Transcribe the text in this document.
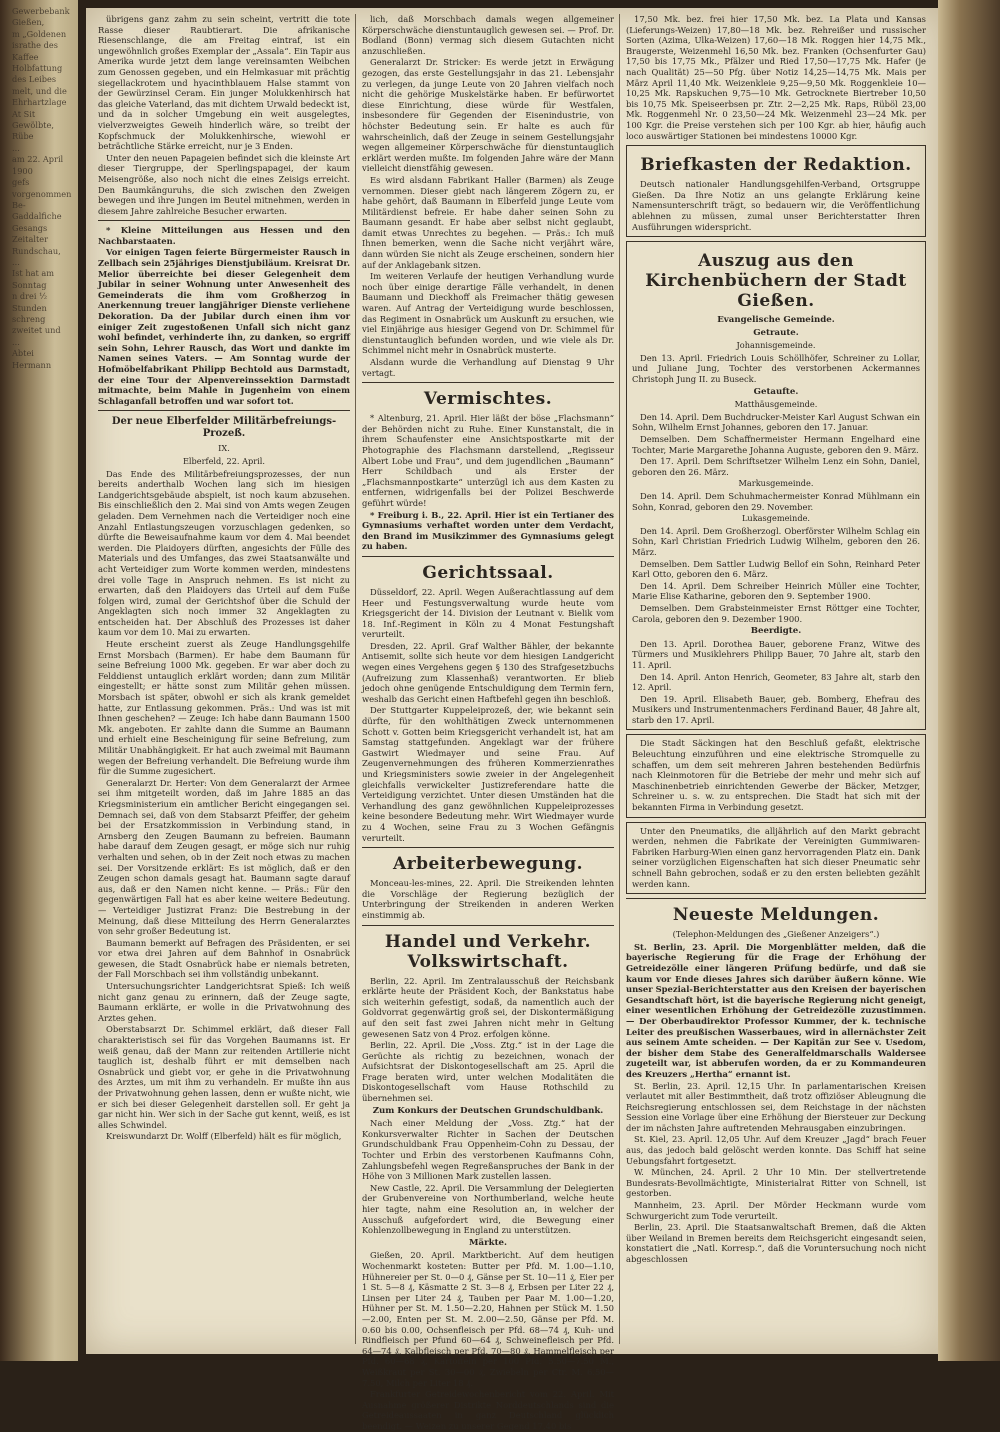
Gewerbebank Gießen,
m „Goldenen
israthe des Kaffee
Holbfattung des Leibes
melt, und die Ehrhartzlage
At Sit Gewölbte, Rübe
...
am 22. April 1900
gefs vorgenommen Be-
Gaddalfiche Gesangs
Zeitalter Rundschau,
...
Ist hat am Sonntag
n drei ½ Stunden
schreng zweitet und
...
Abtei Hermann

übrigens ganz zahm zu sein scheint, vertritt die tote Rasse dieser Raubtierart. Die afrikanische Riesenschlange, die am Freitag eintraf, ist ein ungewöhnlich großes Exemplar der „Assala“. Ein Tapir aus Amerika wurde jetzt dem lange vereinsamten Weibchen zum Genossen gegeben, und ein Helmkasuar mit prächtig siegellackrotem und hyacinthblauem Halse stammt von der Gewürzinsel Ceram. Ein junger Molukkenhirsch hat das gleiche Vaterland, das mit dichtem Urwald bedeckt ist, und da in solcher Umgebung ein weit ausgelegtes, vielverzweigtes Geweih hinderlich wäre, so treibt der Kopfschmuck der Molukkenhirsche, wiewohl er beträchtliche Stärke erreicht, nur je 3 Enden.

Unter den neuen Papageien befindet sich die kleinste Art dieser Tiergruppe, der Sperlingspapagei, der kaum Meisengröße, also noch nicht die eines Zeisigs erreicht. Den Baumkänguruhs, die sich zwischen den Zweigen bewegen und ihre Jungen im Beutel mitnehmen, werden in diesem Jahre zahlreiche Besucher erwarten.

* Kleine Mitteilungen aus Hessen und den Nachbarstaaten.

Vor einigen Tagen feierte Bürgermeister Rausch in Zellbach sein 25jähriges Dienstjubiläum. Kreisrat Dr. Melior überreichte bei dieser Gelegenheit dem Jubilar in seiner Wohnung unter Anwesenheit des Gemeinderats die ihm vom Großherzog in Anerkennung treuer langjähriger Dienste verliehene Dekoration. Da der Jubilar durch einen ihm vor einiger Zeit zugestoßenen Unfall sich nicht ganz wohl befindet, verhinderte ihn, zu danken, so ergriff sein Sohn, Lehrer Rausch, das Wort und dankte im Namen seines Vaters. — Am Sonntag wurde der Hofmöbelfabrikant Philipp Bechtold aus Darmstadt, der eine Tour der Alpenvereinssektion Darmstadt mitmachte, beim Mahle in Jugenheim von einem Schlaganfall betroffen und war sofort tot.

Der neue Elberfelder Militärbefreiungs-Prozeß.
IX.
Elberfeld, 22. April.

Das Ende des Militärbefreiungsprozesses, der nun bereits anderthalb Wochen lang sich im hiesigen Landgerichtsgebäude abspielt, ist noch kaum abzusehen. Bis einschließlich den 2. Mai sind von Amts wegen Zeugen geladen. Dem Vernehmen nach die Verteidiger noch eine Anzahl Entlastungszeugen vorzuschlagen gedenken, so dürfte die Beweisaufnahme kaum vor dem 4. Mai beendet werden. Die Plaidoyers dürften, angesichts der Fülle des Materials und des Umfanges, das zwei Staatsanwälte und acht Verteidiger zum Worte kommen werden, mindestens drei volle Tage in Anspruch nehmen. Es ist nicht zu erwarten, daß den Plaidoyers das Urteil auf dem Fuße folgen wird, zumal der Gerichtshof über die Schuld der Angeklagten sich noch immer 32 Angeklagten zu entscheiden hat. Der Abschluß des Prozesses ist daher kaum vor dem 10. Mai zu erwarten.

Heute erscheint zuerst als Zeuge Handlungsgehilfe Ernst Morsbach (Barmen). Er habe dem Baumann für seine Befreiung 1000 Mk. gegeben. Er war aber doch zu Felddienst untauglich erklärt worden; dann zum Militär eingestellt; er hätte sonst zum Militär gehen müssen. Morsbach ist später, obwohl er sich als krank gemeldet hatte, zur Entlassung gekommen. Präs.: Und was ist mit Ihnen geschehen? — Zeuge: Ich habe dann Baumann 1500 Mk. angeboten. Er zahlte dann die Summe an Baumann und erhielt eine Bescheinigung für seine Befreiung, zum Militär Unabhängigkeit. Er hat auch zweimal mit Baumann wegen der Befreiung verhandelt. Die Befreiung wurde ihm für die Summe zugesichert.

Generalarzt Dr. Herter: Von dem Generalarzt der Armee sei ihm mitgeteilt worden, daß im Jahre 1885 an das Kriegsministerium ein amtlicher Bericht eingegangen sei. Demnach sei, daß von dem Stabsarzt Pfeiffer, der geheim bei der Ersatzkommission in Verbindung stand, in Arnsberg den Zeugen Baumann zu befreien. Baumann habe darauf dem Zeugen gesagt, er möge sich nur ruhig verhalten und sehen, ob in der Zeit noch etwas zu machen sei. Der Vorsitzende erklärt: Es ist möglich, daß er den Zeugen schon damals gesagt hat. Baumann sagte darauf aus, daß er den Namen nicht kenne. — Präs.: Für den gegenwärtigen Fall hat es aber keine weitere Bedeutung. — Verteidiger Justizrat Franz: Die Bestrebung in der Meinung, daß diese Mitteilung des Herrn Generalarztes von sehr großer Bedeutung ist.

Baumann bemerkt auf Befragen des Präsidenten, er sei vor etwa drei Jahren auf dem Bahnhof in Osnabrück gewesen, die Stadt Osnabrück habe er niemals betreten, der Fall Morschbach sei ihm vollständig unbekannt.

Untersuchungsrichter Landgerichtsrat Spieß: Ich weiß nicht ganz genau zu erinnern, daß der Zeuge sagte, Baumann erklärte, er wolle in die Privatwohnung des Arztes gehen.

Oberstabsarzt Dr. Schimmel erklärt, daß dieser Fall charakteristisch sei für das Vorgehen Baumanns ist. Er weiß genau, daß der Mann zur reitenden Artillerie nicht tauglich ist, deshalb führt er mit demselben nach Osnabrück und giebt vor, er gehe in die Privatwohnung des Arztes, um mit ihm zu verhandeln. Er mußte ihn aus der Privatwohnung gehen lassen, denn er wußte nicht, wie er sich bei dieser Gelegenheit darstellen soll. Er geht ja gar nicht hin. Wer sich in der Sache gut kennt, weiß, es ist alles Schwindel.

Kreiswundarzt Dr. Wolff (Elberfeld) hält es für möglich,

lich, daß Morschbach damals wegen allgemeiner Körperschwäche dienstuntauglich gewesen sei. — Prof. Dr. Bodland (Bonn) vermag sich diesem Gutachten nicht anzuschließen.

Generalarzt Dr. Stricker: Es werde jetzt in Erwägung gezogen, das erste Gestellungsjahr in das 21. Lebensjahr zu verlegen, da junge Leute von 20 Jahren vielfach noch nicht die gehörige Muskelstärke haben. Er befürwortet diese Einrichtung, diese würde für Westfalen, insbesondere für Gegenden der Eisenindustrie, von höchster Bedeutung sein. Er halte es auch für wahrscheinlich, daß der Zeuge in seinem Gestellungsjahr wegen allgemeiner Körperschwäche für dienstuntauglich erklärt werden mußte. Im folgenden Jahre wäre der Mann vielleicht dienstfähig gewesen.

Es wird alsdann Fabrikant Haller (Barmen) als Zeuge vernommen. Dieser giebt nach längerem Zögern zu, er habe gehört, daß Baumann in Elberfeld junge Leute vom Militärdienst befreie. Er habe daher seinen Sohn zu Baumann gesandt. Er habe aber selbst nicht geglaubt, damit etwas Unrechtes zu begehen. — Präs.: Ich muß Ihnen bemerken, wenn die Sache nicht verjährt wäre, dann würden Sie nicht als Zeuge erscheinen, sondern hier auf der Anklagebank sitzen.

Im weiteren Verlaufe der heutigen Verhandlung wurde noch über einige derartige Fälle verhandelt, in denen Baumann und Dieckhoff als Freimacher thätig gewesen waren. Auf Antrag der Verteidigung wurde beschlossen, das Regiment in Osnabrück um Auskunft zu ersuchen, wie viel Einjährige aus hiesiger Gegend von Dr. Schimmel für dienstuntauglich befunden worden, und wie viele als Dr. Schimmel nicht mehr in Osnabrück musterte.

Alsdann wurde die Verhandlung auf Dienstag 9 Uhr vertagt.

Vermischtes.

* Altenburg, 21. April. Hier läßt der böse „Flachsmann“ der Behörden nicht zu Ruhe. Einer Kunstanstalt, die in ihrem Schaufenster eine Ansichtspostkarte mit der Photographie des Flachsmann darstellend, „Regisseur Albert Lobe und Frau“, und dem jugendlichen „Baumann“ Herr Schildbach und als Erster der „Flachsmannpostkarte“ unterzügl ich aus dem Kasten zu entfernen, widrigenfalls bei der Polizei Beschwerde geführt würde!

* Freiburg i. B., 22. April. Hier ist ein Tertianer des Gymnasiums verhaftet worden unter dem Verdacht, den Brand im Musikzimmer des Gymnasiums gelegt zu haben.

Gerichtssaal.

Düsseldorf, 22. April. Wegen Außerachtlassung auf dem Heer und Festungsverwaltung wurde heute vom Kriegsgericht der 14. Division der Leutnant v. Bielik vom 18. Inf.-Regiment in Köln zu 4 Monat Festungshaft verurteilt.

Dresden, 22. April. Graf Walther Bähler, der bekannte Antisemit, sollte sich heute vor dem hiesigen Landgericht wegen eines Vergehens gegen § 130 des Strafgesetzbuchs (Aufreizung zum Klassenhaß) verantworten. Er blieb jedoch ohne genügende Entschuldigung dem Termin fern, weshalb das Gericht einen Haftbefehl gegen ihn beschloß.

Der Stuttgarter Kuppeleiprozeß, der, wie bekannt sein dürfte, für den wohlthätigen Zweck unternommenen Schott v. Gotten beim Kriegsgericht verhandelt ist, hat am Samstag stattgefunden. Angeklagt war der frühere Gastwirt Wiedmayer und seine Frau. Auf Zeugenvernehmungen des früheren Kommerzienrathes und Kriegsministers sowie zweier in der Angelegenheit gleichfalls verwickelter Justizreferendare hatte die Verteidigung verzichtet. Unter diesen Umständen hat die Verhandlung des ganz gewöhnlichen Kuppeleiprozesses keine besondere Bedeutung mehr. Wirt Wiedmayer wurde zu 4 Wochen, seine Frau zu 3 Wochen Gefängnis verurteilt.

Arbeiterbewegung.

Monceau-les-mines, 22. April. Die Streikenden lehnten die Vorschläge der Regierung bezüglich der Unterbringung der Streikenden in anderen Werken einstimmig ab.

Handel und Verkehr. Volkswirtschaft.

Berlin, 22. April. Im Zentralausschuß der Reichsbank erklärte heute der Präsident Koch, der Bankstatus habe sich weiterhin gefestigt, sodaß, da namentlich auch der Goldvorrat gegenwärtig groß sei, der Diskontermäßigung auf den seit fast zwei Jahren nicht mehr in Geltung gewesenen Satz von 4 Proz. erfolgen könne.

Berlin, 22. April. Die „Voss. Ztg.“ ist in der Lage die Gerüchte als richtig zu bezeichnen, wonach der Aufsichtsrat der Diskontogesellschaft am 25. April die Frage beraten wird, unter welchen Modalitäten die Diskontogesellschaft vom Hause Rothschild zu übernehmen sei.

Zum Konkurs der Deutschen Grundschuldbank.

Nach einer Meldung der „Voss. Ztg.“ hat der Konkursverwalter Richter in Sachen der Deutschen Grundschuldbank Frau Oppenheim-Cohn zu Dessau, der Tochter und Erbin des verstorbenen Kaufmanns Cohn, Zahlungsbefehl wegen Regreßanspruches der Bank in der Höhe von 3 Millionen Mark zustellen lassen.

New Castle, 22. April. Die Versammlung der Delegierten der Grubenvereine von Northumberland, welche heute hier tagte, nahm eine Resolution an, in welcher der Ausschuß aufgefordert wird, die Bewegung einer Kohlenzollbewegung in England zu unterstützen.

Märkte.

Gießen, 20. April. Marktbericht. Auf dem heutigen Wochenmarkt kosteten: Butter per Pfd. M. 1.00—1.10, Hühnereier per St. 0—0 ₰, Gänse per St. 10—11 ₰, Eier per 1 St. 5—8 ₰, Käsmatte 2 St. 3—8 ₰, Erbsen per Liter 22 ₰, Linsen per Liter 24 ₰, Tauben per Paar M. 1.00—1.20, Hühner per St. M. 1.50—2.20, Hahnen per Stück M. 1.50—2.00, Enten per St. M. 2.00—2.50, Gänse per Pfd. M. 0.60 bis 0.00, Ochsenfleisch per Pfd. 68—74 ₰, Kuh- und Rindfleisch per Pfund 60—64 ₰, Schweinefleisch per Pfd. 64—74 ₰, Kalbfleisch per Pfd. 70—80 ₰, Hammelfleisch per Pfd. 60—68 ₰, Kartoffeln per 100 Pfd. 5.50—7.50 M., Weißkraut per St. 30—00 ₰, Zwiebeln per Ctr. M. 6.50—7.50, Milch per Liter 18 ₰.

Frankfurter Getreidewochenbericht vom 22. April. Mit Ausnahme größerer Distrikte Norddeutschlands sind die Getreideaussaaten in ganz Deutschland glücklich beendigt. — Weizen zu unserer Gegend 17,40 bis

17,50 Mk. bez. frei hier 17,50 Mk. bez. La Plata und Kansas (Lieferungs-Weizen) 17,80—18 Mk. bez. Rehreißer und russischer Sorten (Azima, Ulka-Weizen) 17,60—18 Mk. Roggen hier 14,75 Mk., Braugerste, Weizenmehl 16,50 Mk. bez. Franken (Ochsenfurter Gau) 17,50 bis 17,75 Mk., Pfälzer und Ried 17,50—17,75 Mk. Hafer (je nach Qualität) 25—50 Pfg. über Notiz 14,25—14,75 Mk. Mais per März April 11,40 Mk. Weizenkleie 9,25—9,50 Mk. Roggenkleie 10—10,25 Mk. Rapskuchen 9,75—10 Mk. Getrocknete Biertreber 10,50 bis 10,75 Mk. Speiseerbsen pr. Ztr. 2—2,25 Mk. Raps, Rüböl 23,00 Mk. Roggenmehl Nr. 0 23,50—24 Mk. Weizenmehl 23—24 Mk. per 100 Kgr. die Preise verstehen sich per 100 Kgr. ab hier, häufig auch loco auswärtiger Stationen bei mindestens 10000 Kgr.

Briefkasten der Redaktion.

Deutsch nationaler Handlungsgehilfen-Verband, Ortsgruppe Gießen. Da Ihre Notiz an uns gelangte Erklärung keine Namensunterschrift trägt, so bedauern wir, die Veröffentlichung ablehnen zu müssen, zumal unser Berichterstatter Ihren Ausführungen widerspricht.

Auszug aus den Kirchenbüchern der Stadt Gießen.
Evangelische Gemeinde.
Getraute.
Johannisgemeinde.

Den 13. April. Friedrich Louis Schöllhöfer, Schreiner zu Lollar, und Juliane Jung, Tochter des verstorbenen Ackermannes Christoph Jung II. zu Buseck.

Getaufte.
Matthäusgemeinde.

Den 14. April. Dem Buchdrucker-Meister Karl August Schwan ein Sohn, Wilhelm Ernst Johannes, geboren den 17. Januar.

Demselben. Dem Schaffnermeister Hermann Engelhard eine Tochter, Marie Margarethe Johanna Auguste, geboren den 9. März.

Den 17. April. Dem Schriftsetzer Wilhelm Lenz ein Sohn, Daniel, geboren den 26. März.

Markusgemeinde.

Den 14. April. Dem Schuhmachermeister Konrad Mühlmann ein Sohn, Konrad, geboren den 29. November.

Lukasgemeinde.

Den 14. April. Dem Großherzogl. Oberförster Wilhelm Schlag ein Sohn, Karl Christian Friedrich Ludwig Wilhelm, geboren den 26. März.

Demselben. Dem Sattler Ludwig Bellof ein Sohn, Reinhard Peter Karl Otto, geboren den 6. März.

Den 14. April. Dem Schreiber Heinrich Müller eine Tochter, Marie Elise Katharine, geboren den 9. September 1900.

Demselben. Dem Grabsteinmeister Ernst Röttger eine Tochter, Carola, geboren den 9. Dezember 1900.

Beerdigte.

Den 13. April. Dorothea Bauer, geborene Franz, Witwe des Türmers und Musiklehrers Philipp Bauer, 70 Jahre alt, starb den 11. April.

Den 14. April. Anton Henrich, Geometer, 83 Jahre alt, starb den 12. April.

Den 19. April. Elisabeth Bauer, geb. Bomberg, Ehefrau des Musikers und Instrumentenmachers Ferdinand Bauer, 48 Jahre alt, starb den 17. April.

Die Stadt Säckingen hat den Beschluß gefaßt, elektrische Beleuchtung einzuführen und eine elektrische Stromquelle zu schaffen, um dem seit mehreren Jahren bestehenden Bedürfnis nach Kleinmotoren für die Betriebe der mehr und mehr sich auf Maschinenbetrieb einrichtenden Gewerbe der Bäcker, Metzger, Schreiner u. s. w. zu entsprechen. Die Stadt hat sich mit der bekannten Firma in Verbindung gesetzt.

Unter den Pneumatiks, die alljährlich auf den Markt gebracht werden, nehmen die Fabrikate der Vereinigten Gummiwaren-Fabriken Harburg-Wien einen ganz hervorragenden Platz ein. Dank seiner vorzüglichen Eigenschaften hat sich dieser Pneumatic sehr schnell Bahn gebrochen, sodaß er zu den ersten beliebten gezählt werden kann.

Neueste Meldungen.
(Telephon-Meldungen des „Gießener Anzeigers“.)

St. Berlin, 23. April. Die Morgenblätter melden, daß die bayerische Regierung für die Frage der Erhöhung der Getreidezölle einer längeren Prüfung bedürfe, und daß sie kaum vor Ende dieses Jahres sich darüber äußern könne. Wie unser Spezial-Berichterstatter aus den Kreisen der bayerischen Gesandtschaft hört, ist die bayerische Regierung nicht geneigt, einer wesentlichen Erhöhung der Getreidezölle zuzustimmen. — Der Oberbaudirektor Professor Kummer, der k. technische Leiter des preußischen Wasserbaues, wird in allernächster Zeit aus seinem Amte scheiden. — Der Kapitän zur See v. Usedom, der bisher dem Stabe des Generalfeldmarschalls Waldersee zugeteilt war, ist abberufen worden, da er zu Kommandeuren des Kreuzers „Hertha“ ernannt ist.

St. Berlin, 23. April. 12,15 Uhr. In parlamentarischen Kreisen verlautet mit aller Bestimmtheit, daß trotz offiziöser Ableugnung die Reichsregierung entschlossen sei, dem Reichstage in der nächsten Session eine Vorlage über eine Erhöhung der Biersteuer zur Deckung der im nächsten Jahre auftretenden Mehrausgaben einzubringen.

St. Kiel, 23. April. 12,05 Uhr. Auf dem Kreuzer „Jagd“ brach Feuer aus, das jedoch bald gelöscht werden konnte. Das Schiff hat seine Uebungsfahrt fortgesetzt.

W. München, 24. April. 2 Uhr 10 Min. Der stellvertretende Bundesrats-Bevollmächtigte, Ministerialrat Ritter von Schnell, ist gestorben.

Mannheim, 23. April. Der Mörder Heckmann wurde vom Schwurgericht zum Tode verurteilt.

Berlin, 23. April. Die Staatsanwaltschaft Bremen, daß die Akten über Weiland in Bremen bereits dem Reichsgericht eingesandt seien, konstatiert die „Natl. Korresp.“, daß die Voruntersuchung noch nicht abgeschlossen
